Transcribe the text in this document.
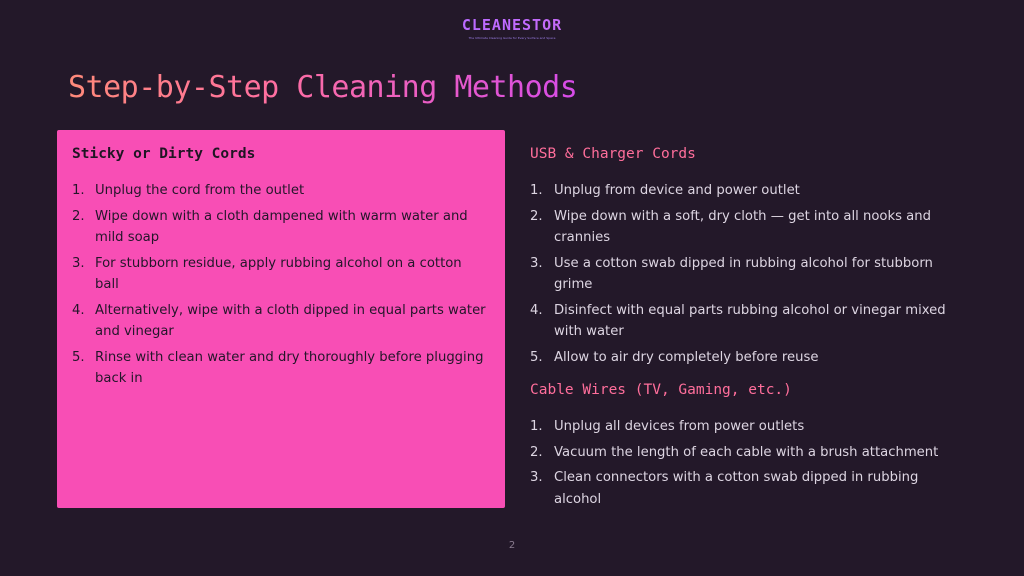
CLEANESTOR
The Ultimate Cleaning Guide for Every Surface and Space
Step-by-Step Cleaning Methods
Sticky or Dirty Cords
1. Unplug the cord from the outlet
2. Wipe down with a cloth dampened with warm water and mild soap
3. For stubborn residue, apply rubbing alcohol on a cotton ball
4. Alternatively, wipe with a cloth dipped in equal parts water and vinegar
5. Rinse with clean water and dry thoroughly before plugging back in
USB & Charger Cords
1. Unplug from device and power outlet
2. Wipe down with a soft, dry cloth — get into all nooks and crannies
3. Use a cotton swab dipped in rubbing alcohol for stubborn grime
4. Disinfect with equal parts rubbing alcohol or vinegar mixed with water
5. Allow to air dry completely before reuse
Cable Wires (TV, Gaming, etc.)
1. Unplug all devices from power outlets
2. Vacuum the length of each cable with a brush attachment
3. Clean connectors with a cotton swab dipped in rubbing alcohol
2
